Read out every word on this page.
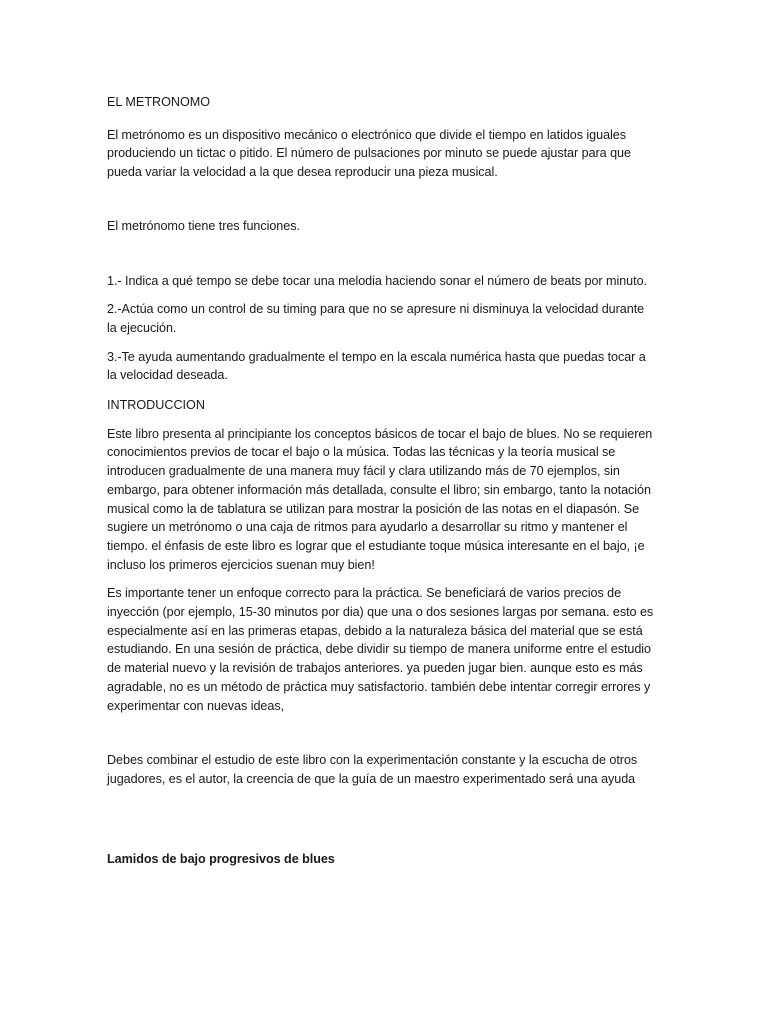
EL METRONOMO

El metrónomo es un dispositivo mecánico o electrónico que divide el tiempo en latidos iguales produciendo un tictac o pitido. El número de pulsaciones por minuto se puede ajustar para que pueda variar la velocidad a la que desea reproducir una pieza musical.

El metrónomo tiene tres funciones.

1.- Indica a qué tempo se debe tocar una melodia haciendo sonar el número de beats por minuto.

2.-Actúa como un control de su timing para que no se apresure ni disminuya la velocidad durante la ejecución.

3.-Te ayuda aumentando gradualmente el tempo en la escala numérica hasta que puedas tocar a la velocidad deseada.

INTRODUCCION

Este libro presenta al principiante los conceptos básicos de tocar el bajo de blues. No se requieren conocimientos previos de tocar el bajo o la música. Todas las técnicas y la teoría musical se introducen gradualmente de una manera muy fácil y clara utilizando más de 70 ejemplos, sin embargo, para obtener información más detallada, consulte el libro; sin embargo, tanto la notación musical como la de tablatura se utilizan para mostrar la posición de las notas en el diapasón. Se sugiere un metrónomo o una caja de ritmos para ayudarlo a desarrollar su ritmo y mantener el tiempo. el énfasis de este libro es lograr que el estudiante toque música interesante en el bajo, ¡e incluso los primeros ejercicios suenan muy bien!

Es importante tener un enfoque correcto para la práctica. Se beneficiará de varios precios de inyección (por ejemplo, 15-30 minutos por dia) que una o dos sesiones largas por semana. esto es especialmente así en las primeras etapas, debido a la naturaleza básica del material que se está estudiando. En una sesión de práctica, debe dividir su tiempo de manera uniforme entre el estudio de material nuevo y la revisión de trabajos anteriores. ya pueden jugar bien. aunque esto es más agradable, no es un método de práctica muy satisfactorio. también debe intentar corregir errores y experimentar con nuevas ideas,

Debes combinar el estudio de este libro con la experimentación constante y la escucha de otros jugadores, es el autor, la creencia de que la guía de un maestro experimentado será una ayuda

Lamidos de bajo progresivos de blues
